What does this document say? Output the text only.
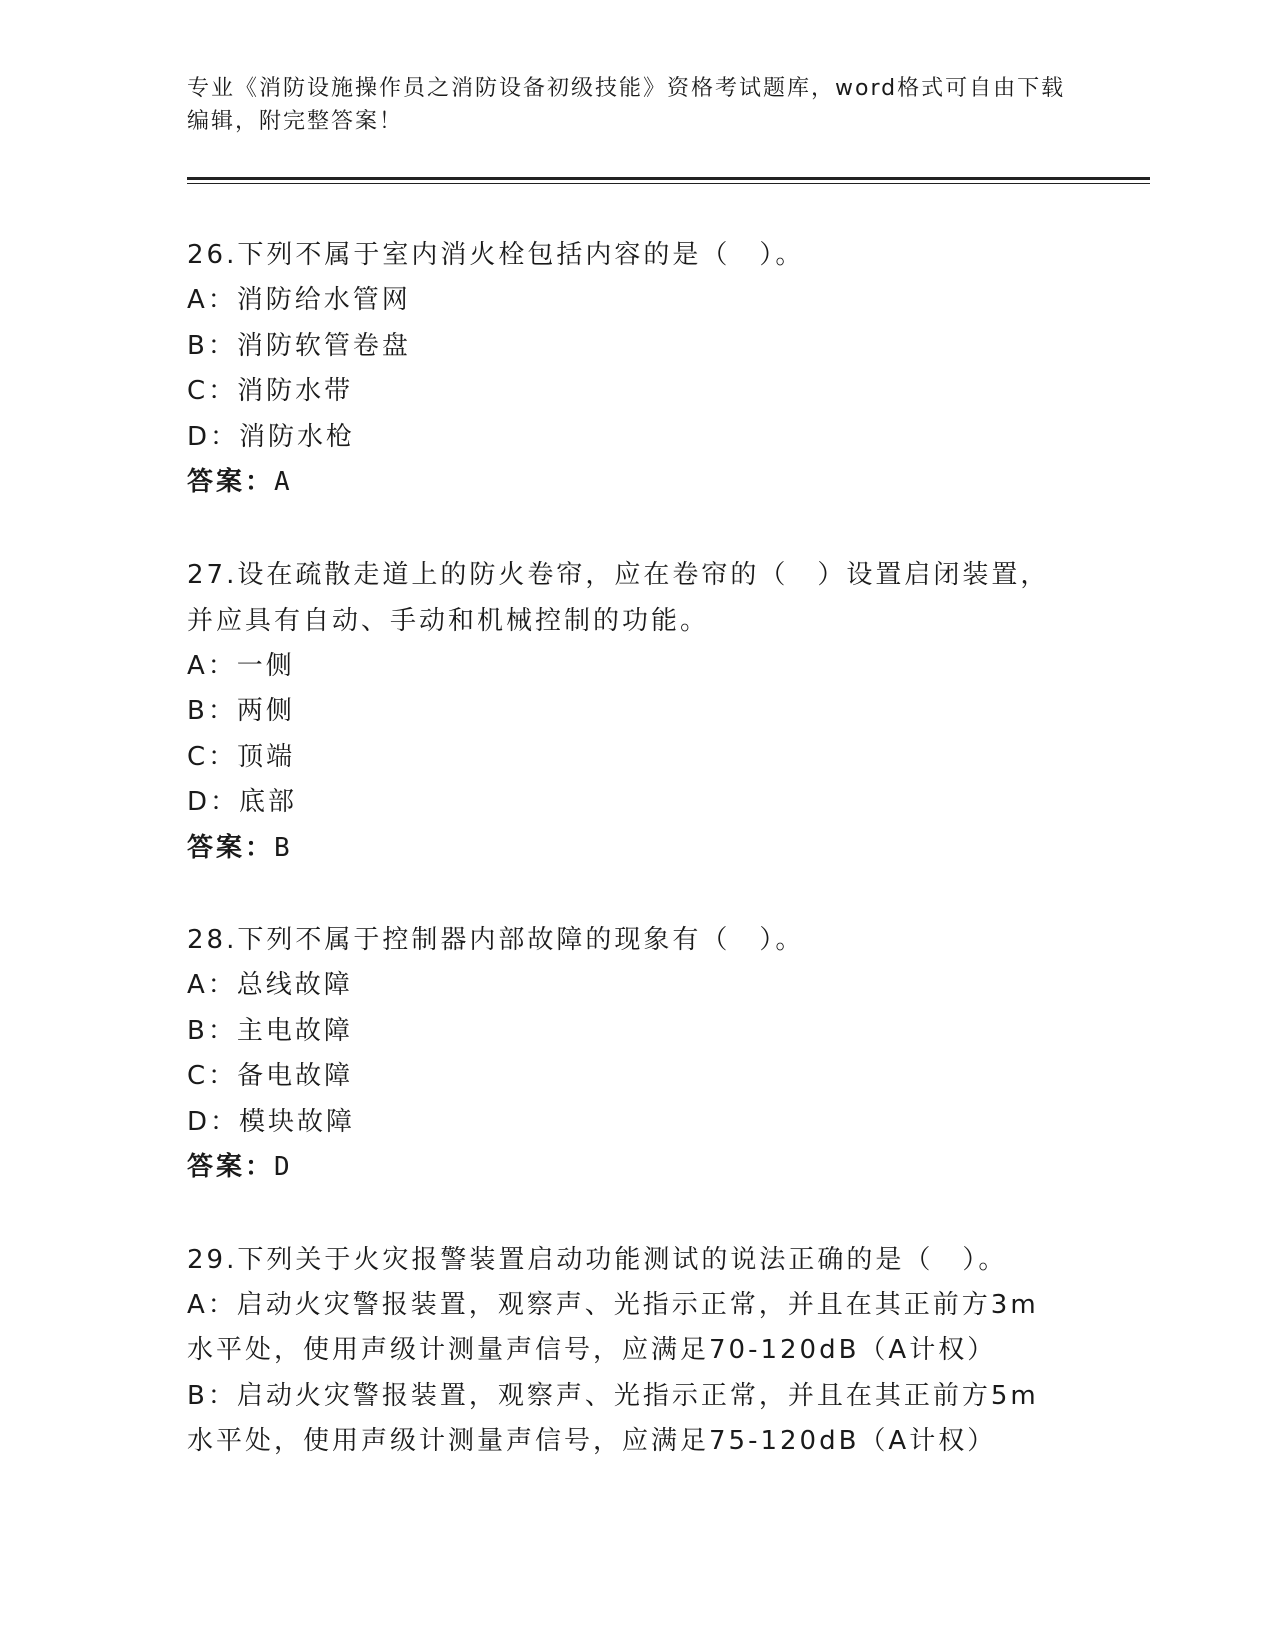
专业《消防设施操作员之消防设备初级技能》资格考试题库，word格式可自由下载编辑，附完整答案！
26.下列不属于室内消火栓包括内容的是（　）。
A：消防给水管网
B：消防软管卷盘
C：消防水带
D：消防水枪
答案：A
27.设在疏散走道上的防火卷帘，应在卷帘的（　）设置启闭装置，并应具有自动、手动和机械控制的功能。
A：一侧
B：两侧
C：顶端
D：底部
答案：B
28.下列不属于控制器内部故障的现象有（　）。
A：总线故障
B：主电故障
C：备电故障
D：模块故障
答案：D
29.下列关于火灾报警装置启动功能测试的说法正确的是（　）。
A：启动火灾警报装置，观察声、光指示正常，并且在其正前方3m水平处，使用声级计测量声信号，应满足70-120dB（A计权）
B：启动火灾警报装置，观察声、光指示正常，并且在其正前方5m水平处，使用声级计测量声信号，应满足75-120dB（A计权）
